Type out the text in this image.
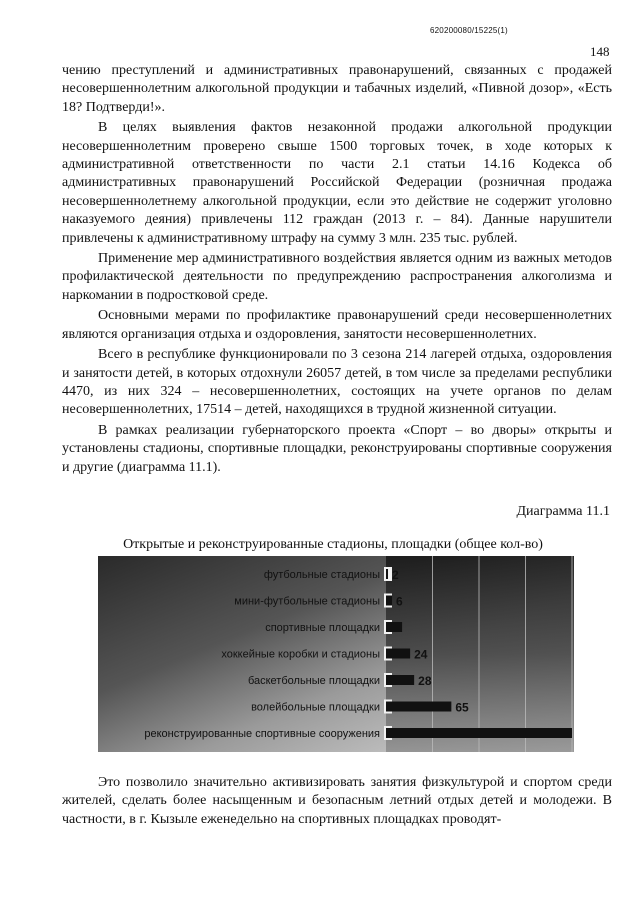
620200080/15225(1)
148

чению преступлений и административных правонарушений, связанных с продажей несовершеннолетним алкогольной продукции и табачных изделий, «Пивной дозор», «Есть 18? Подтверди!».

В целях выявления фактов незаконной продажи алкогольной продукции несовершеннолетним проверено свыше 1500 торговых точек, в ходе которых к административной ответственности по части 2.1 статьи 14.16 Кодекса об административных правонарушений Российской Федерации (розничная продажа несовершеннолетнему алкогольной продукции, если это действие не содержит уголовно наказуемого деяния) привлечены 112 граждан (2013 г. – 84). Данные нарушители привлечены к административному штрафу на сумму 3 млн. 235 тыс. рублей.

Применение мер административного воздействия является одним из важных методов профилактической деятельности по предупреждению распространения алкоголизма и наркомании в подростковой среде.

Основными мерами по профилактике правонарушений среди несовершеннолетних являются организация отдыха и оздоровления, занятости несовершеннолетних.

Всего в республике функционировали по 3 сезона 214 лагерей отдыха, оздоровления и занятости детей, в которых отдохнули 26057 детей, в том числе за пределами республики 4470, из них 324 – несовершеннолетних, состоящих на учете органов по делам несовершеннолетних, 17514 – детей, находящихся в трудной жизненной ситуации.

В рамках реализации губернаторского проекта «Спорт – во дворы» открыты и установлены стадионы, спортивные площадки, реконструированы спортивные сооружения и другие (диаграмма 11.1).

Диаграмма 11.1
Открытые и реконструированные стадионы, площадки (общее кол-во)
футбольные стадионы 2
мини-футбольные стадионы 6
спортивные площадки
хоккейные коробки и стадионы	24
баскетбольные площадки	28
волейбольные площадки	65
реконструированные спортивные сооружения

Это позволило значительно активизировать занятия физкультурой и спортом среди жителей, сделать более насыщенным и безопасным летний отдых детей и молодежи. В частности, в г. Кызыле еженедельно на спортивных площадках проводят-
